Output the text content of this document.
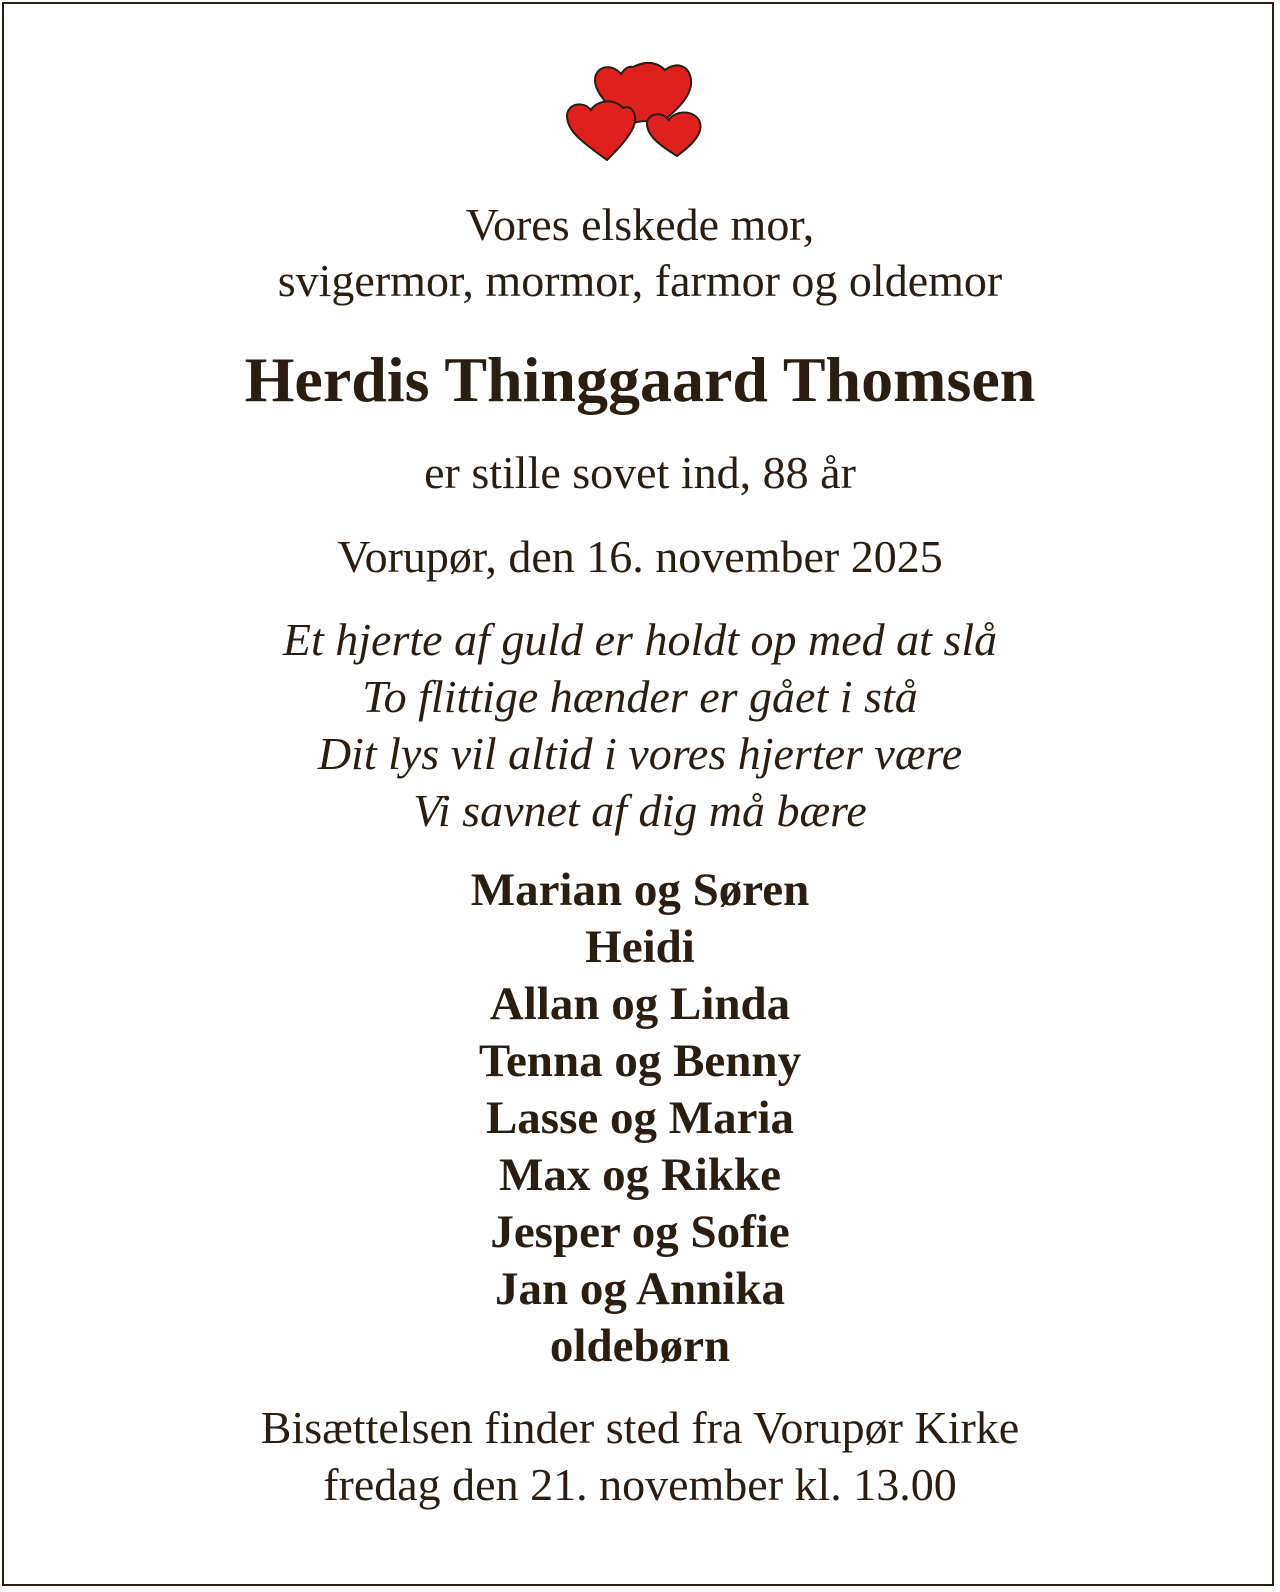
Vores elskede mor,
svigermor, mormor, farmor og oldemor
Herdis Thinggaard Thomsen
er stille sovet ind, 88 år
Vorupør, den 16. november 2025
Et hjerte af guld er holdt op med at slå
To flittige hænder er gået i stå
Dit lys vil altid i vores hjerter være
Vi savnet af dig må bære
Marian og Søren
Heidi
Allan og Linda
Tenna og Benny
Lasse og Maria
Max og Rikke
Jesper og Sofie
Jan og Annika
oldebørn
Bisættelsen finder sted fra Vorupør Kirke
fredag den 21. november kl. 13.00
